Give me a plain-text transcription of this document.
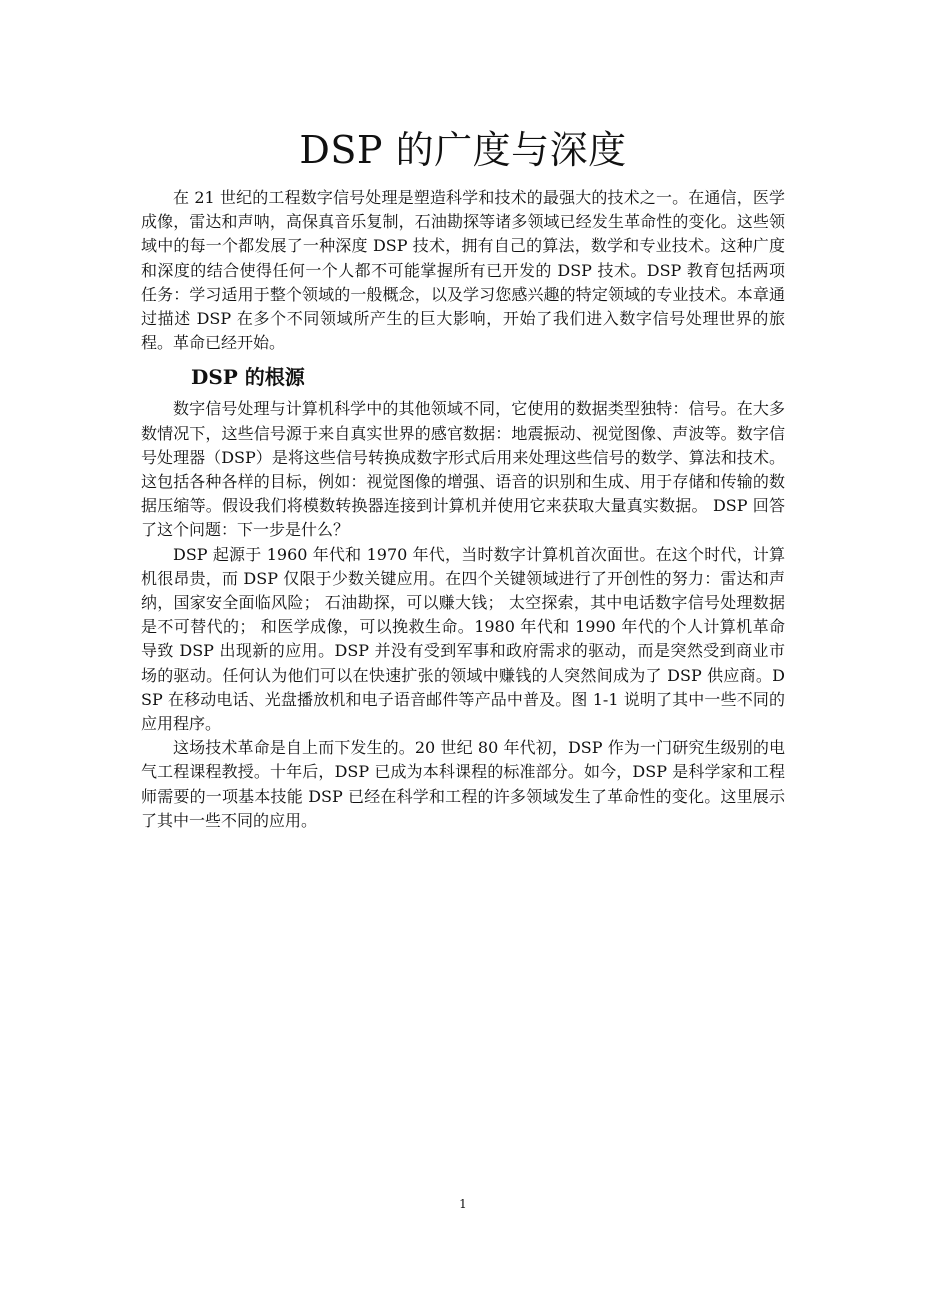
DSP 的广度与深度

在 21 世纪的工程数字信号处理是塑造科学和技术的最强大的技术之一。在通信，医学成像，雷达和声呐，高保真音乐复制，石油勘探等诸多领域已经发生革命性的变化。这些领域中的每一个都发展了一种深度 DSP 技术，拥有自己的算法，数学和专业技术。这种广度和深度的结合使得任何一个人都不可能掌握所有已开发的 DSP 技术。DSP 教育包括两项任务：学习适用于整个领域的一般概念，以及学习您感兴趣的特定领域的专业技术。本章通过描述 DSP 在多个不同领域所产生的巨大影响，开始了我们进入数字信号处理世界的旅程。革命已经开始。

DSP 的根源

数字信号处理与计算机科学中的其他领域不同，它使用的数据类型独特：信号。在大多数情况下，这些信号源于来自真实世界的感官数据：地震振动、视觉图像、声波等。数字信号处理器（DSP）是将这些信号转换成数字形式后用来处理这些信号的数学、算法和技术。这包括各种各样的目标，例如：视觉图像的增强、语音的识别和生成、用于存储和传输的数据压缩等。假设我们将模数转换器连接到计算机并使用它来获取大量真实数据。 DSP 回答了这个问题：下一步是什么？

DSP 起源于 1960 年代和 1970 年代，当时数字计算机首次面世。在这个时代，计算机很昂贵，而 DSP 仅限于少数关键应用。在四个关键领域进行了开创性的努力：雷达和声纳，国家安全面临风险； 石油勘探，可以赚大钱； 太空探索，其中电话数字信号处理数据是不可替代的； 和医学成像，可以挽救生命。1980 年代和 1990 年代的个人计算机革命导致 DSP 出现新的应用。DSP 并没有受到军事和政府需求的驱动，而是突然受到商业市场的驱动。任何认为他们可以在快速扩张的领域中赚钱的人突然间成为了 DSP 供应商。DSP 在移动电话、光盘播放机和电子语音邮件等产品中普及。图 1-1 说明了其中一些不同的应用程序。

这场技术革命是自上而下发生的。20 世纪 80 年代初，DSP 作为一门研究生级别的电气工程课程教授。十年后，DSP 已成为本科课程的标准部分。如今，DSP 是科学家和工程师需要的一项基本技能 DSP 已经在科学和工程的许多领域发生了革命性的变化。这里展示了其中一些不同的应用。

1
